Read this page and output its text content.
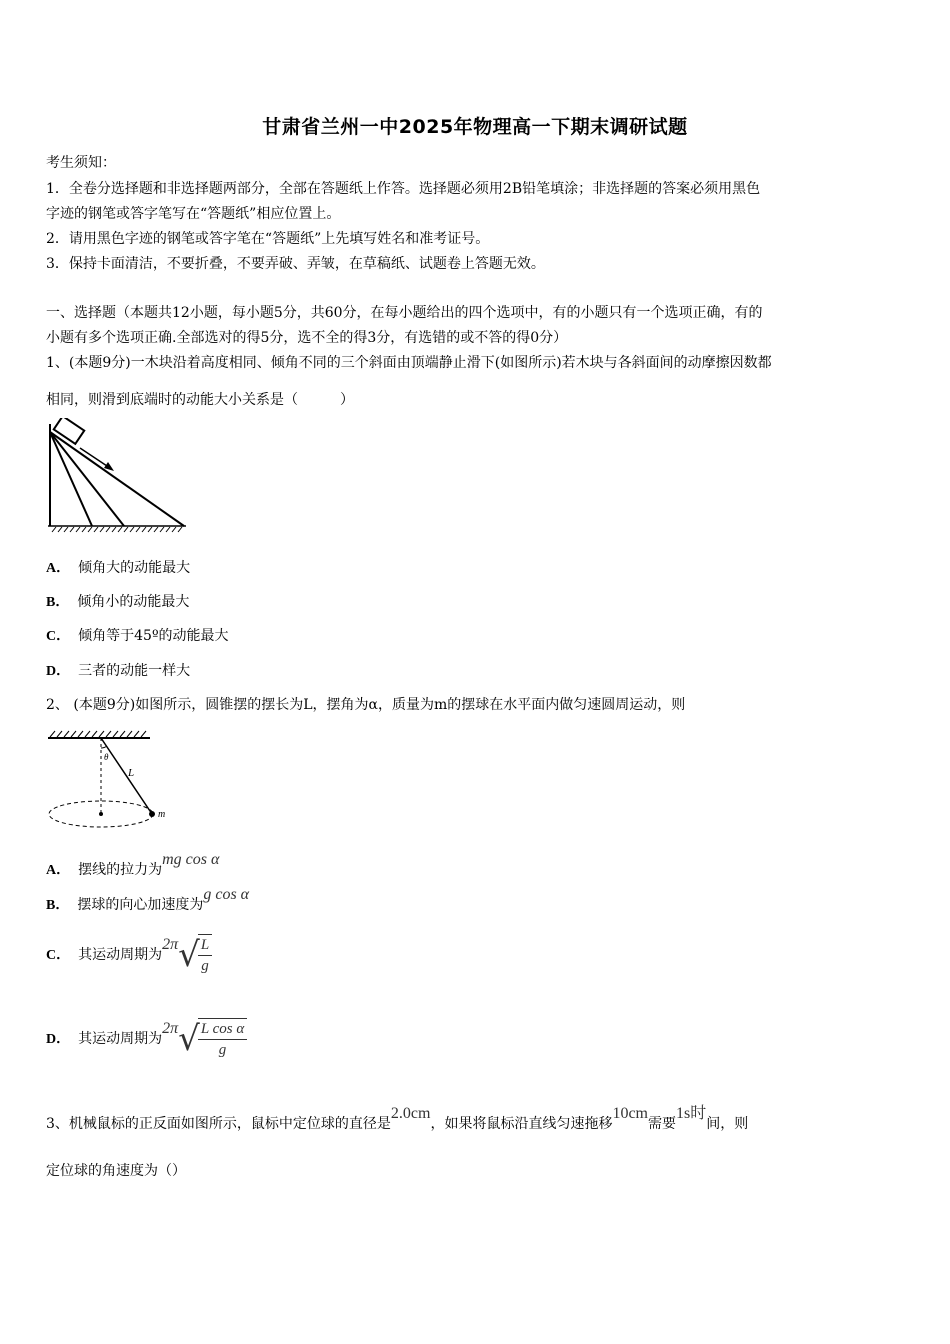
甘肃省兰州一中2025年物理高一下期末调研试题
考生须知：
1．全卷分选择题和非选择题两部分，全部在答题纸上作答。选择题必须用2B铅笔填涂；非选择题的答案必须用黑色
字迹的钢笔或答字笔写在“答题纸”相应位置上。
2．请用黑色字迹的钢笔或答字笔在“答题纸”上先填写姓名和准考证号。
3．保持卡面清洁，不要折叠，不要弄破、弄皱，在草稿纸、试题卷上答题无效。
一、选择题（本题共12小题，每小题5分，共60分，在每小题给出的四个选项中，有的小题只有一个选项正确，有的
小题有多个选项正确.全部选对的得5分，选不全的得3分，有选错的或不答的得0分）
1、(本题9分)一木块沿着高度相同、倾角不同的三个斜面由顶端静止滑下(如图所示)若木块与各斜面间的动摩擦因数都
相同，则滑到底端时的动能大小关系是（　　　）
A． 倾角大的动能最大
B． 倾角小的动能最大
C． 倾角等于45º的动能最大
D． 三者的动能一样大
2、 (本题9分)如图所示，圆锥摆的摆长为L，摆角为α，质量为m的摆球在水平面内做匀速圆周运动，则
θ
L
m
A． 摆线的拉力为mg cos α
B． 摆球的向心加速度为g cos α
C． 其运动周期为2π√
$\frac{L}{g}$
D． 其运动周期为2π√
$\frac{\text{L cos α}}{g}$
3、机械鼠标的正反面如图所示，鼠标中定位球的直径是2.0cm，如果将鼠标沿直线匀速拖移10cm需要1s时间，则
定位球的角速度为（）
